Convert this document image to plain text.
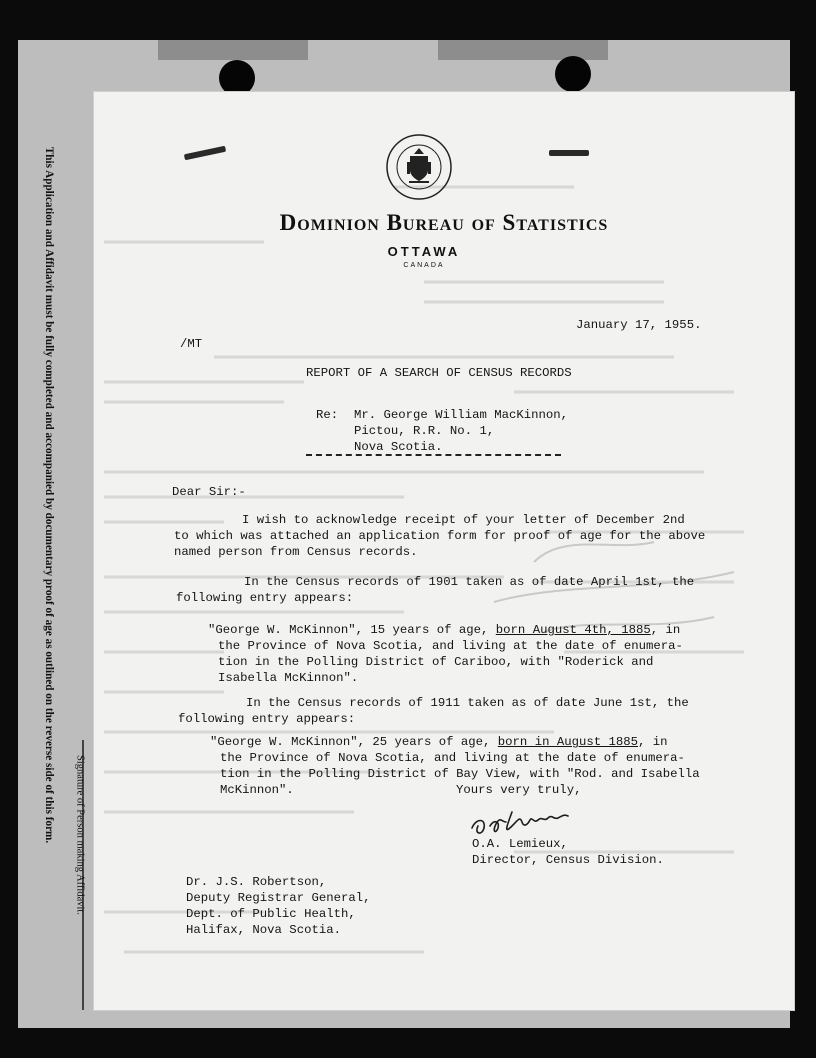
This Application and Affidavit must be fully completed and accompanied by documentary proof of age as outlined on the reverse side of this form. Signature of Person making Affidavit.
Dominion Bureau of Statistics
OTTAWA
CANADA
January 17, 1955.
/MT
REPORT OF A SEARCH OF CENSUS RECORDS
Re: Mr. George William MacKinnon,
Pictou, R.R. No. 1,
Nova Scotia.
Dear Sir:-
I wish to acknowledge receipt of your letter of December 2nd
to which was attached an application form for proof of age for the above
named person from Census records.
In the Census records of 1901 taken as of date April 1st, the
following entry appears:
"George W. McKinnon", 15 years of age, born August 4th, 1885, in
the Province of Nova Scotia, and living at the date of enumera-
tion in the Polling District of Cariboo, with "Roderick and
Isabella McKinnon".
In the Census records of 1911 taken as of date June 1st, the
following entry appears:
"George W. McKinnon", 25 years of age, born in August 1885, in
the Province of Nova Scotia, and living at the date of enumera-
tion in the Polling District of Bay View, with "Rod. and Isabella
McKinnon".	Yours very truly,
O.A. Lemieux,
Director, Census Division.
Dr. J.S. Robertson,
Deputy Registrar General,
Dept. of Public Health,
Halifax, Nova Scotia.
